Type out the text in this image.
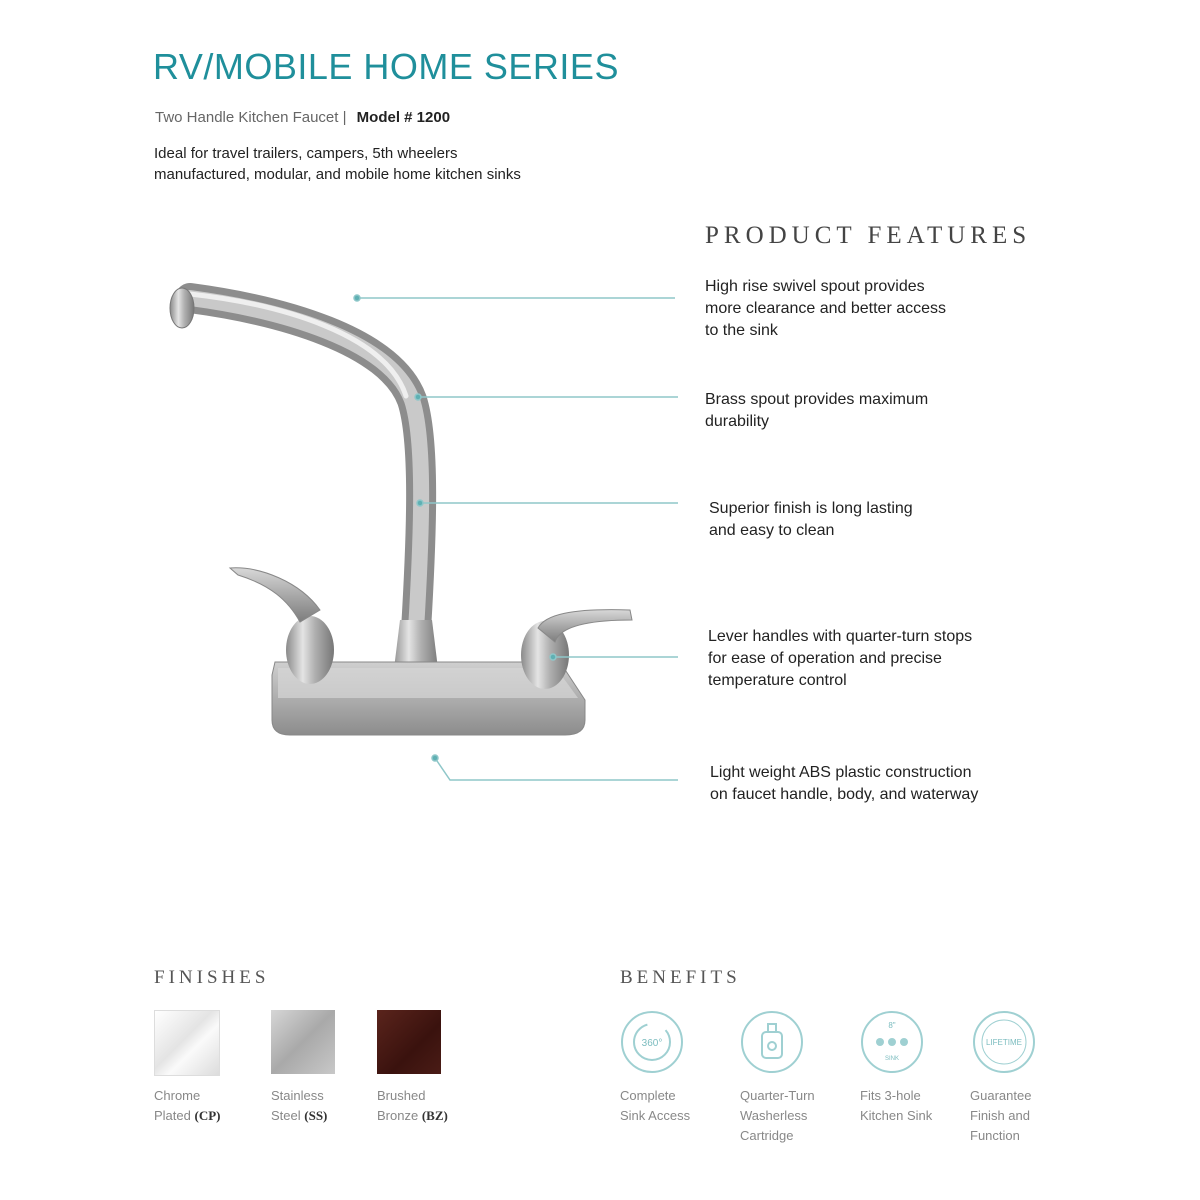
RV/MOBILE HOME SERIES
Two Handle Kitchen Faucet | Model # 1200
Ideal for travel trailers, campers, 5th wheelers
manufactured, modular, and mobile home kitchen sinks
PRODUCT FEATURES
High rise swivel spout provides
more clearance and better access
to the sink
Brass spout provides maximum
durability
Superior finish is long lasting
and easy to clean
Lever handles with quarter-turn stops
for ease of operation and precise
temperature control
Light weight ABS plastic construction
on faucet handle, body, and waterway
FINISHES
Chrome
Plated (CP)
Stainless
Steel (SS)
Brushed
Bronze (BZ)
BENEFITS
360°
8"
SINK
LIFETIME
Complete
Sink Access
Quarter-Turn
Washerless
Cartridge
Fits 3-hole
Kitchen Sink
Guarantee
Finish and
Function
